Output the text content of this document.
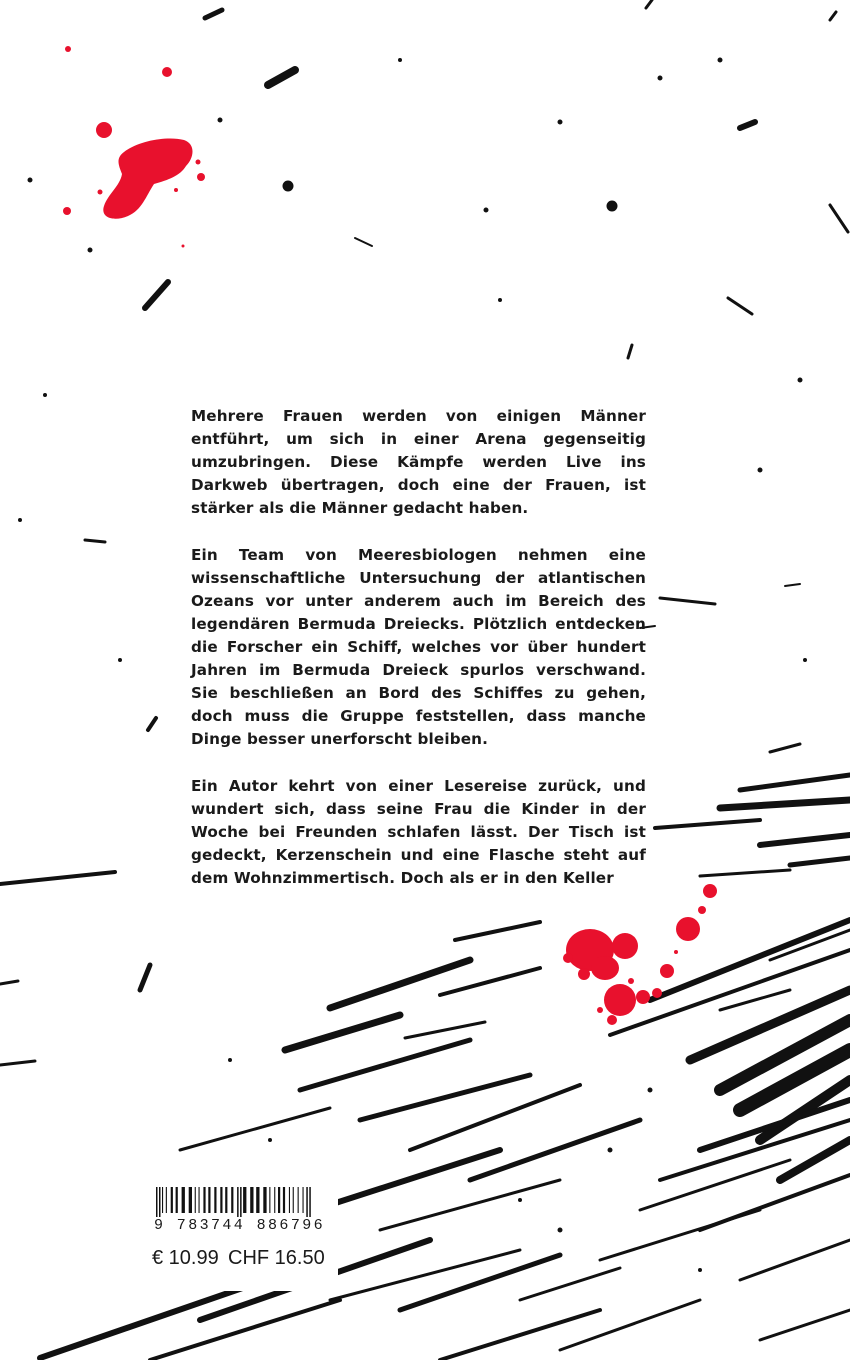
Mehrere Frauen werden von einigen Männer entführt, um sich in einer Arena gegenseitig umzubringen. Diese Kämpfe werden Live ins Darkweb übertragen, doch eine der Frauen, ist stärker als die Männer gedacht haben.

Ein Team von Meeresbiologen nehmen eine wissenschaftliche Untersuchung der atlantischen Ozeans vor unter anderem auch im Bereich des legendären Bermuda Dreiecks. Plötzlich entdecken die Forscher ein Schiff, welches vor über hundert Jahren im Bermuda Dreieck spurlos verschwand. Sie beschließen an Bord des Schiffes zu gehen, doch muss die Gruppe feststellen, dass manche Dinge besser unerforscht bleiben.

Ein Autor kehrt von einer Lesereise zurück, und wundert sich, dass seine Frau die Kinder in der Woche bei Freunden schlafen lässt. Der Tisch ist gedeckt, Kerzenschein und eine Flasche steht auf dem Wohnzimmertisch. Doch als er in den Keller

9 783744 886796
€ 10.99 CHF 16.50
